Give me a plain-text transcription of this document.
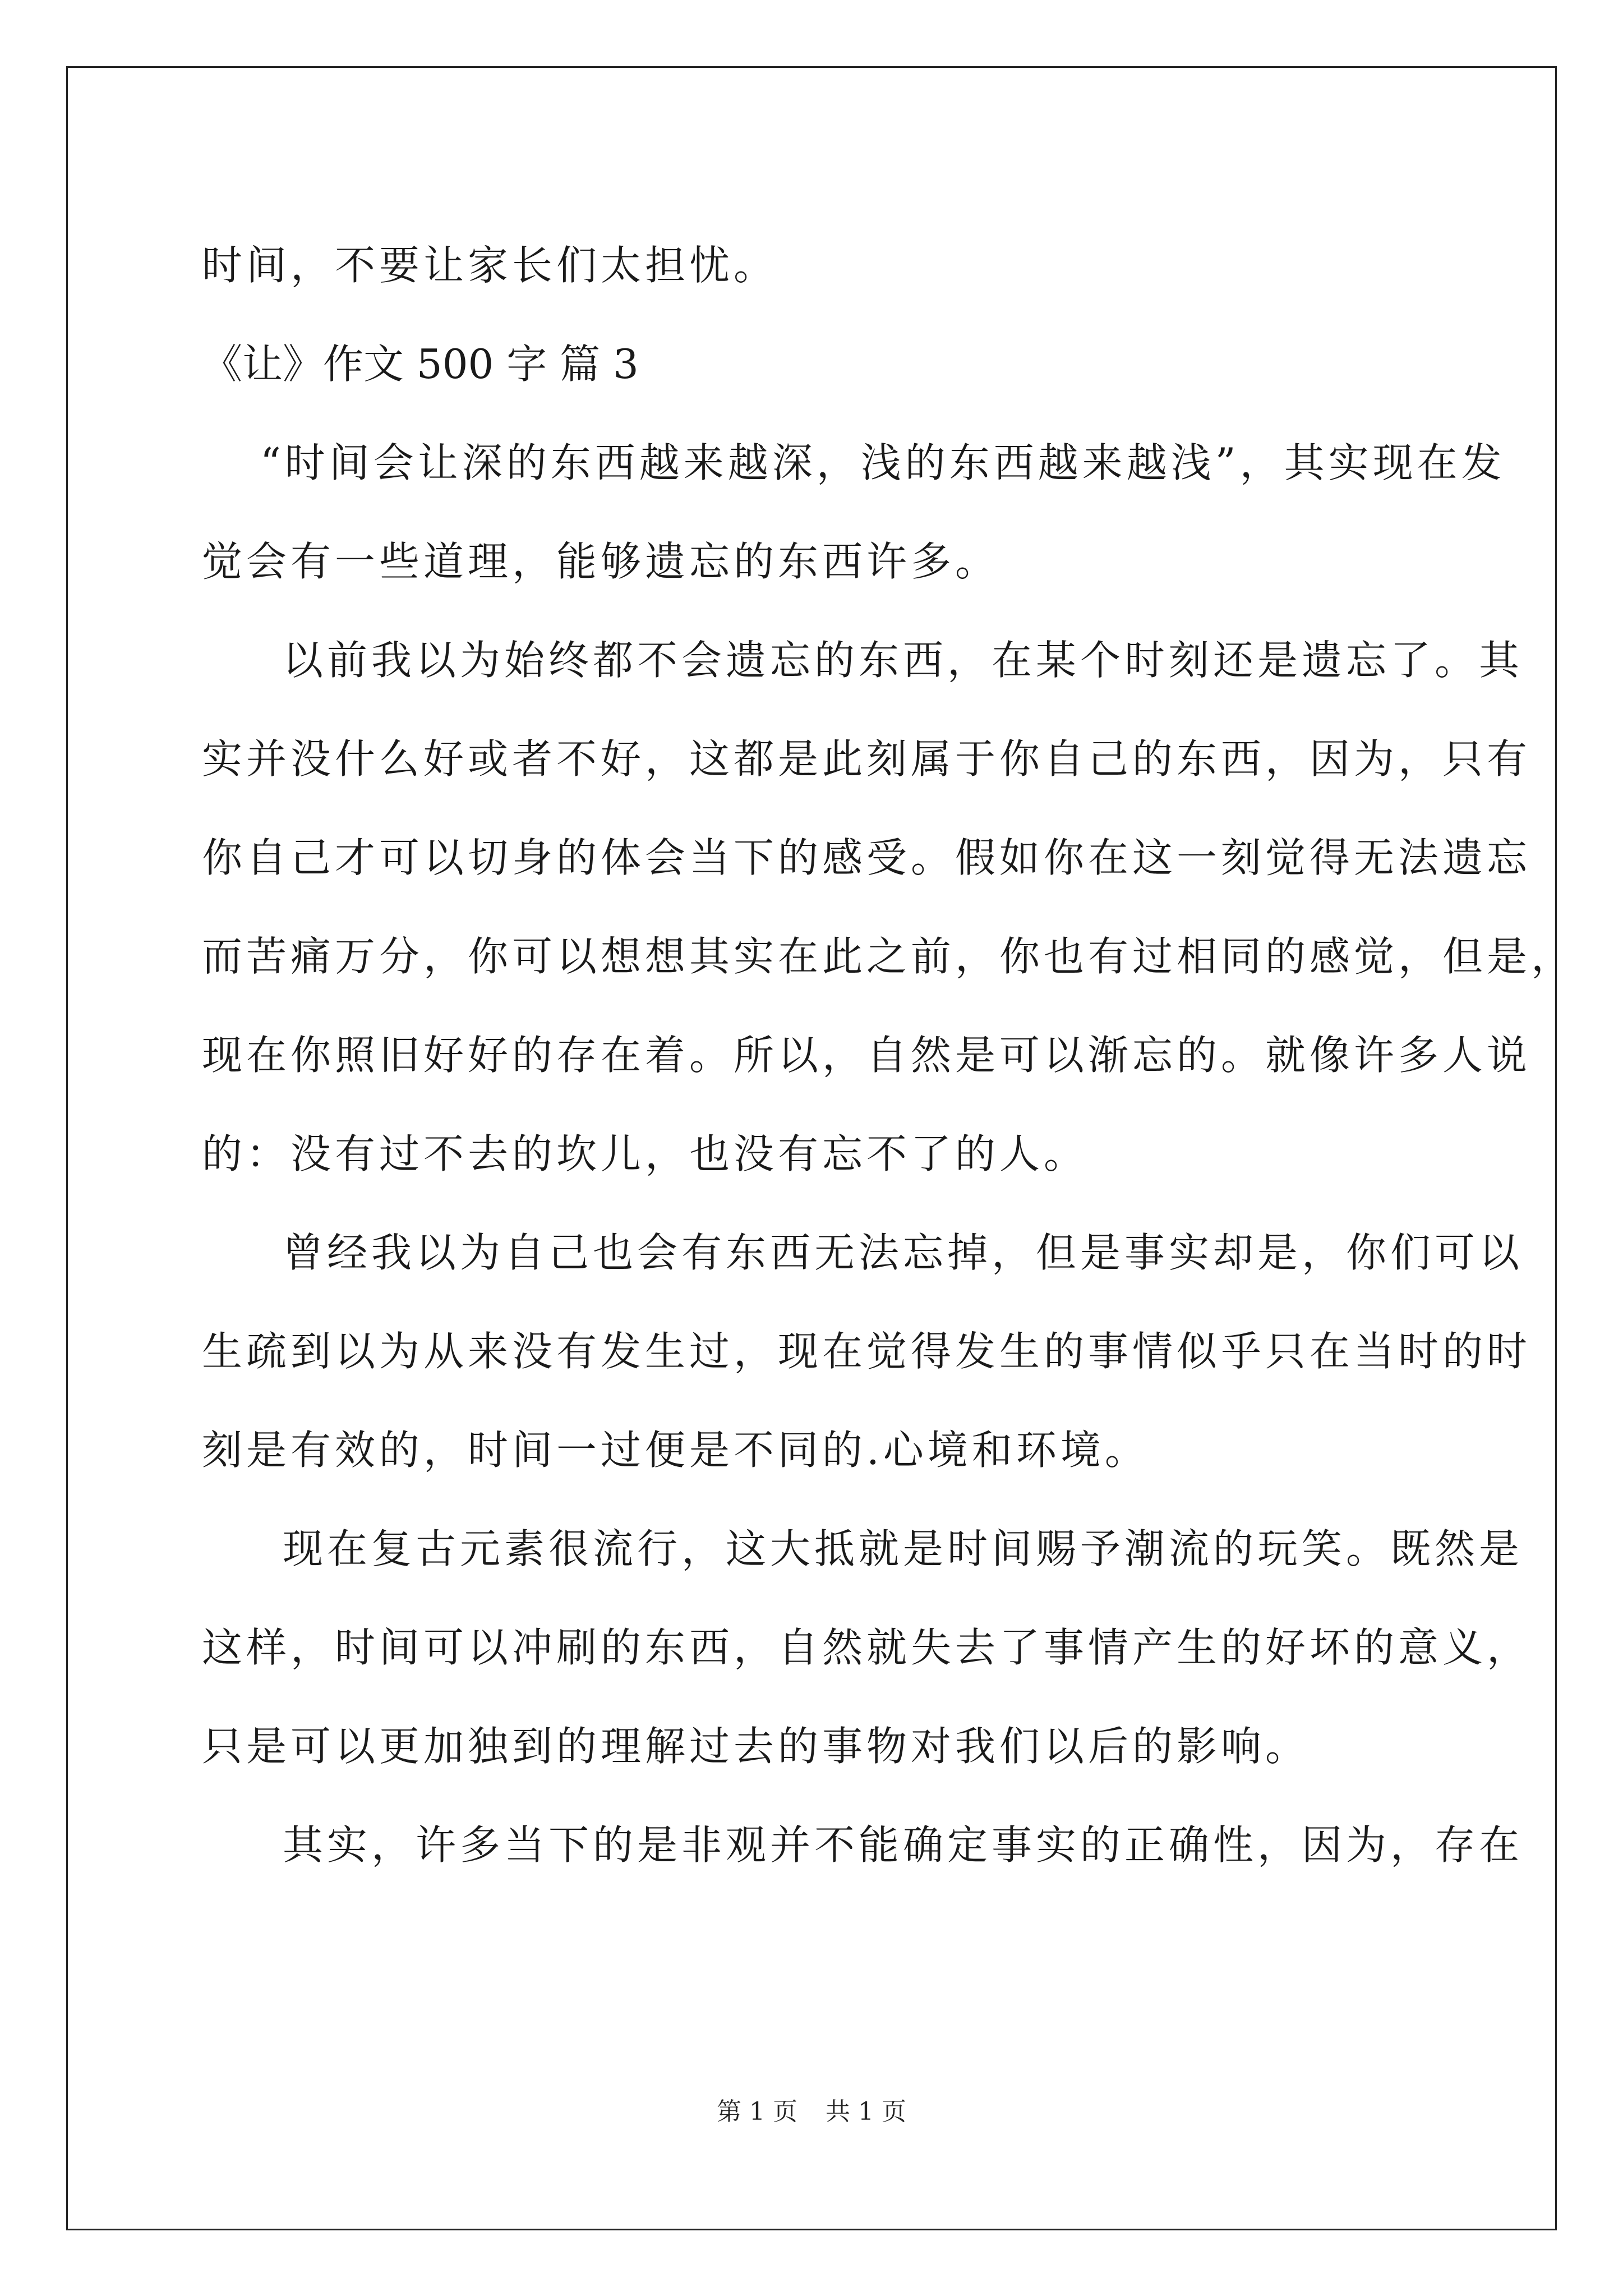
时间，不要让家长们太担忧。

《让》作文 500 字 篇 3

“时间会让深的东西越来越深，浅的东西越来越浅”，其实现在发

觉会有一些道理，能够遗忘的东西许多。

以前我以为始终都不会遗忘的东西，在某个时刻还是遗忘了。其

实并没什么好或者不好，这都是此刻属于你自己的东西，因为，只有

你自己才可以切身的体会当下的感受。假如你在这一刻觉得无法遗忘

而苦痛万分，你可以想想其实在此之前，你也有过相同的感觉，但是，

现在你照旧好好的存在着。所以，自然是可以渐忘的。就像许多人说

的：没有过不去的坎儿，也没有忘不了的人。

曾经我以为自己也会有东西无法忘掉，但是事实却是，你们可以

生疏到以为从来没有发生过，现在觉得发生的事情似乎只在当时的时

刻是有效的，时间一过便是不同的.心境和环境。

现在复古元素很流行，这大抵就是时间赐予潮流的玩笑。既然是

这样，时间可以冲刷的东西，自然就失去了事情产生的好坏的意义，

只是可以更加独到的理解过去的事物对我们以后的影响。

其实，许多当下的是非观并不能确定事实的正确性，因为，存在

第 1 页 共 1 页
